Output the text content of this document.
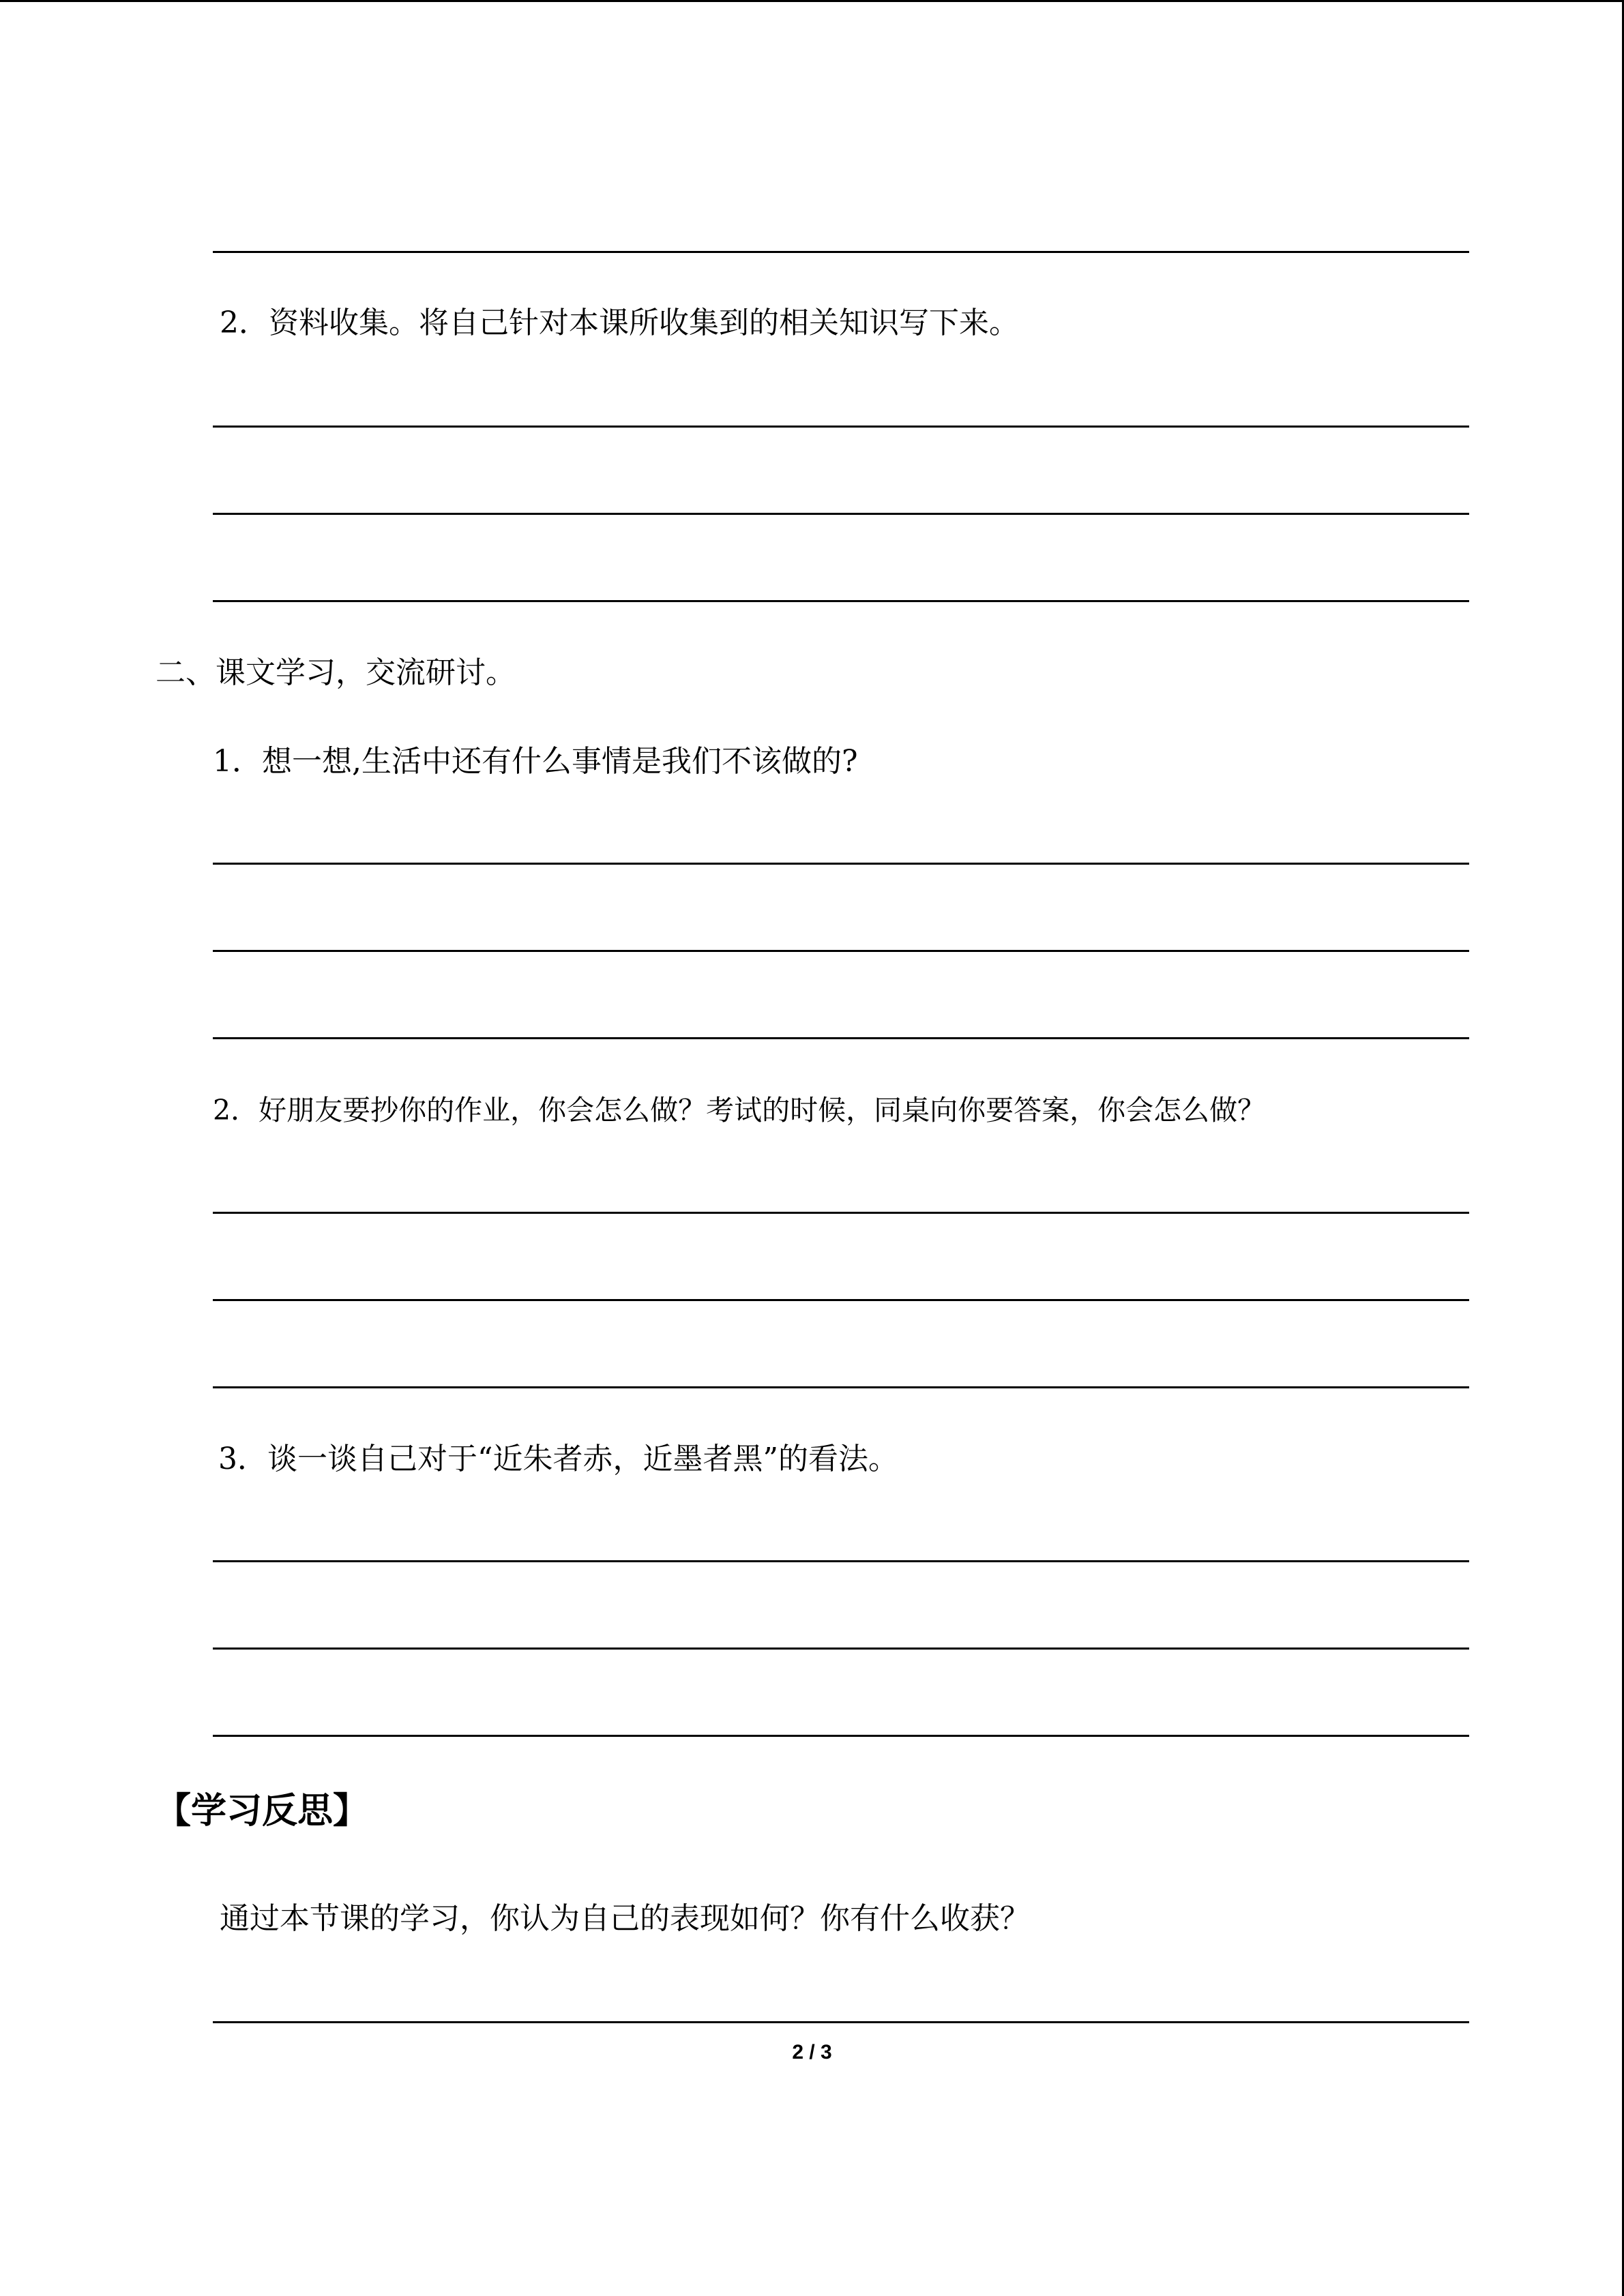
2．资料收集。将自己针对本课所收集到的相关知识写下来。
二、课文学习，交流研讨。
1．想一想,生活中还有什么事情是我们不该做的?
2．好朋友要抄你的作业，你会怎么做？考试的时候，同桌向你要答案，你会怎么做？
3．谈一谈自己对于“近朱者赤，近墨者黑”的看法。
【学习反思】
通过本节课的学习，你认为自己的表现如何？你有什么收获？
2 / 3
